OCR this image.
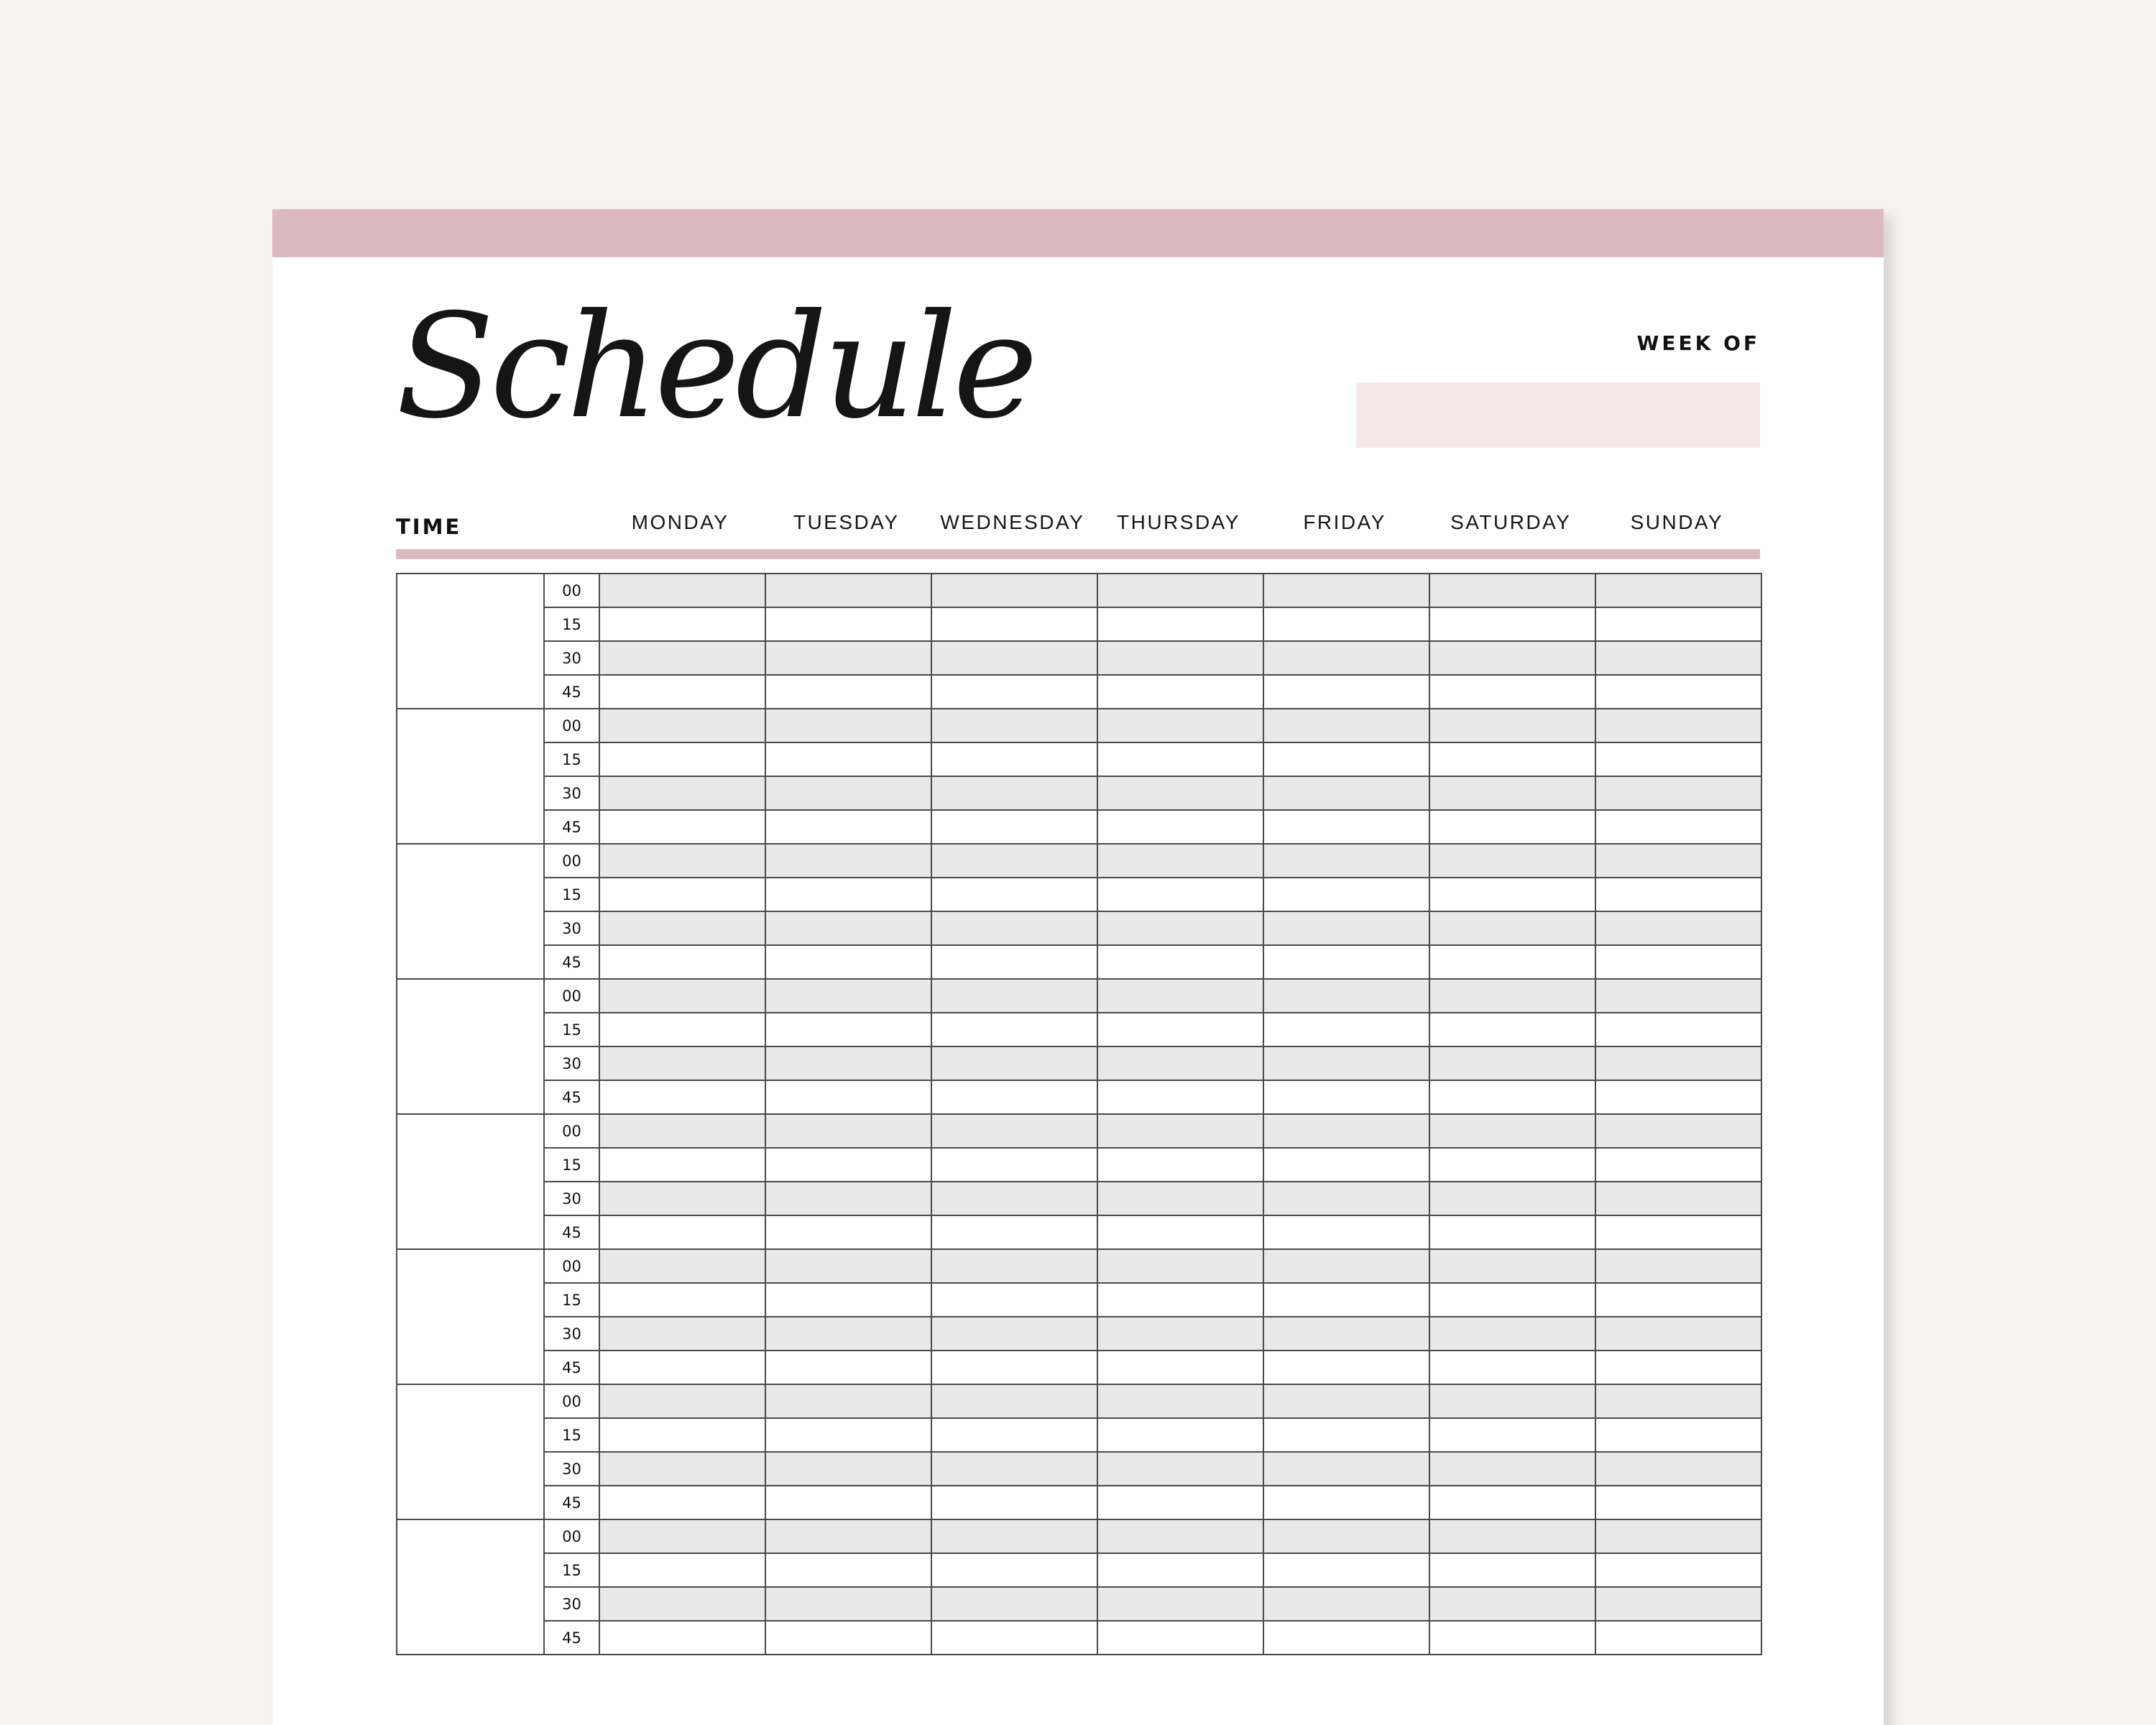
Schedule	WEEK OF
TIME	MONDAY	TUESDAY	WEDNESDAY	THURSDAY	FRIDAY	SATURDAY	SUNDAY
	00							
	15							
	30							
	45							
	00							
	15							
	30							
	45							
	00							
	15							
	30							
	45							
	00							
	15							
	30							
	45							
	00							
	15							
	30							
	45							
	00							
	15							
	30							
	45							
	00							
	15							
	30							
	45							
	00							
	15							
	30							
	45							
